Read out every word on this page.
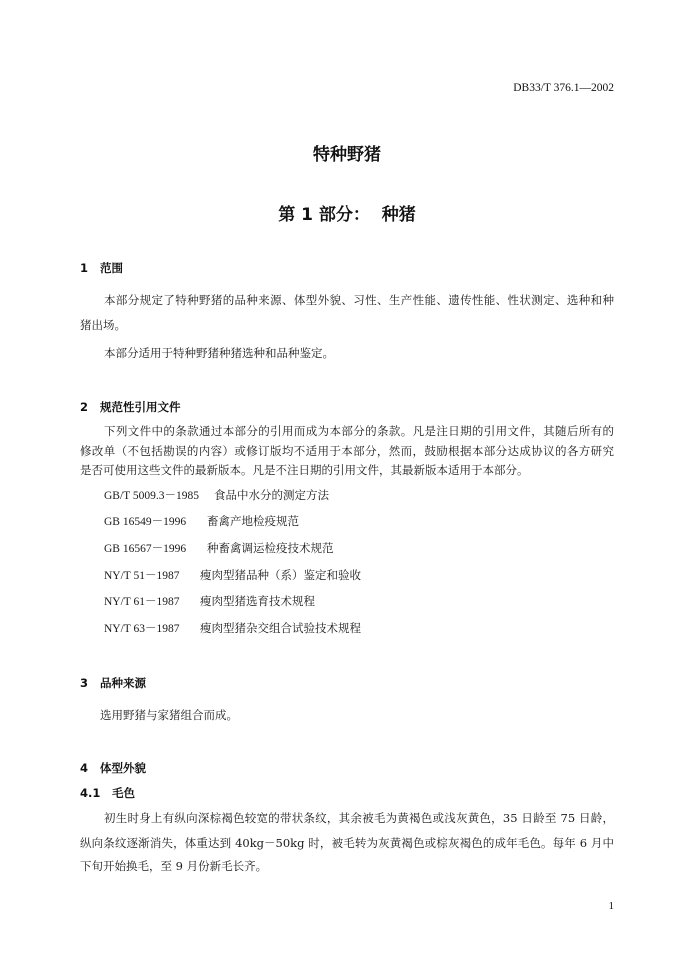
DB33/T 376.1—2002
特种野猪
第 1 部分：  种猪
1 范围
本部分规定了特种野猪的品种来源、体型外貌、习性、生产性能、遗传性能、性状测定、选种和种
猪出场。
本部分适用于特种野猪种猪选种和品种鉴定。
2 规范性引用文件
下列文件中的条款通过本部分的引用而成为本部分的条款。凡是注日期的引用文件，其随后所有的
修改单（不包括勘误的内容）或修订版均不适用于本部分，然而，鼓励根据本部分达成协议的各方研究
是否可使用这些文件的最新版本。凡是不注日期的引用文件，其最新版本适用于本部分。
GB/T 5009.3－1985 食品中水分的测定方法
GB 16549－1996 畜禽产地检疫规范
GB 16567－1996 种畜禽调运检疫技术规范
NY/T 51－1987 瘦肉型猪品种（系）鉴定和验收
NY/T 61－1987 瘦肉型猪选育技术规程
NY/T 63－1987 瘦肉型猪杂交组合试验技术规程
3 品种来源
选用野猪与家猪组合而成。
4 体型外貌
4.1 毛色
初生时身上有纵向深棕褐色较宽的带状条纹，其余被毛为黄褐色或浅灰黄色，35 日龄至 75 日龄，
纵向条纹逐渐消失，体重达到 40kg－50kg 时，被毛转为灰黄褐色或棕灰褐色的成年毛色。每年 6 月中
下旬开始换毛，至 9 月份新毛长齐。
1
